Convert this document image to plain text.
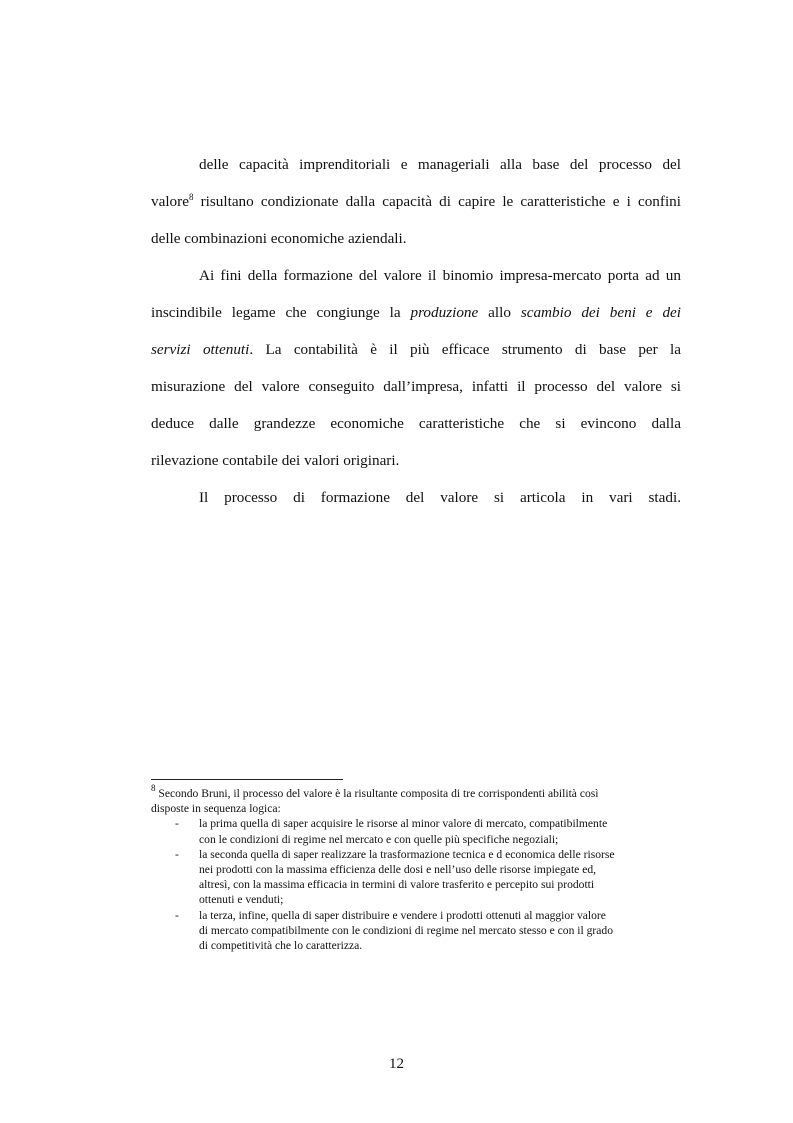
delle capacità imprenditoriali e manageriali alla base del processo del
valore$^8$ risultano condizionate dalla capacità di capire le caratteristiche e i confini
delle combinazioni economiche aziendali.
Ai fini della formazione del valore il binomio impresa-mercato porta ad un
inscindibile legame che congiunge la produzione allo scambio dei beni e dei
servizi ottenuti. La contabilità è il più efficace strumento di base per la
misurazione del valore conseguito dall’impresa, infatti il processo del valore si
deduce dalle grandezze economiche caratteristiche che si evincono dalla
rilevazione contabile dei valori originari.
Il processo di formazione del valore si articola in vari stadi.
$^8$ Secondo Bruni, il processo del valore è la risultante composita di tre corrispondenti abilità così
disposte in sequenza logica:
- la prima quella di saper acquisire le risorse al minor valore di mercato, compatibilmente
con le condizioni di regime nel mercato e con quelle più specifiche negoziali;
- la seconda quella di saper realizzare la trasformazione tecnica e d economica delle risorse
nei prodotti con la massima efficienza delle dosi e nell’uso delle risorse impiegate ed,
altresì, con la massima efficacia in termini di valore trasferito e percepito sui prodotti
ottenuti e venduti;
- la terza, infine, quella di saper distribuire e vendere i prodotti ottenuti al maggior valore
di mercato compatibilmente con le condizioni di regime nel mercato stesso e con il grado
di competitività che lo caratterizza.
12
